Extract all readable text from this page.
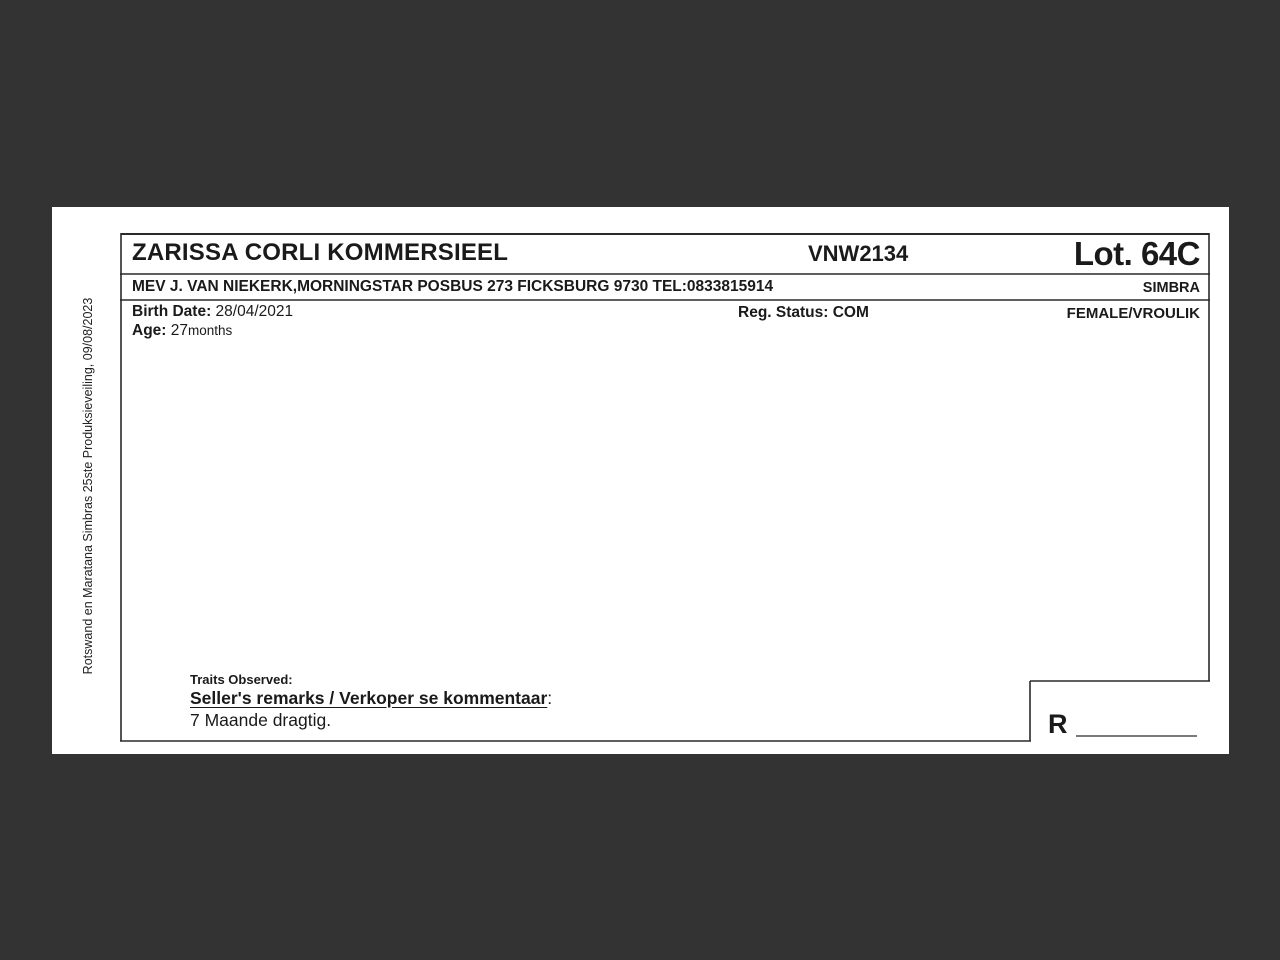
Rotswand en Maratana Simbras 25ste Produksieveiling, 09/08/2023
ZARISSA CORLI KOMMERSIEEL	VNW2134	Lot. 64C
MEV J. VAN NIEKERK,MORNINGSTAR POSBUS 273 FICKSBURG 9730 TEL:0833815914	SIMBRA
Birth Date: 28/04/2021
Age: 27months
Reg. Status: COM	FEMALE/VROULIK
Traits Observed:
Seller's remarks / Verkoper se kommentaar:
7 Maande dragtig.	R
